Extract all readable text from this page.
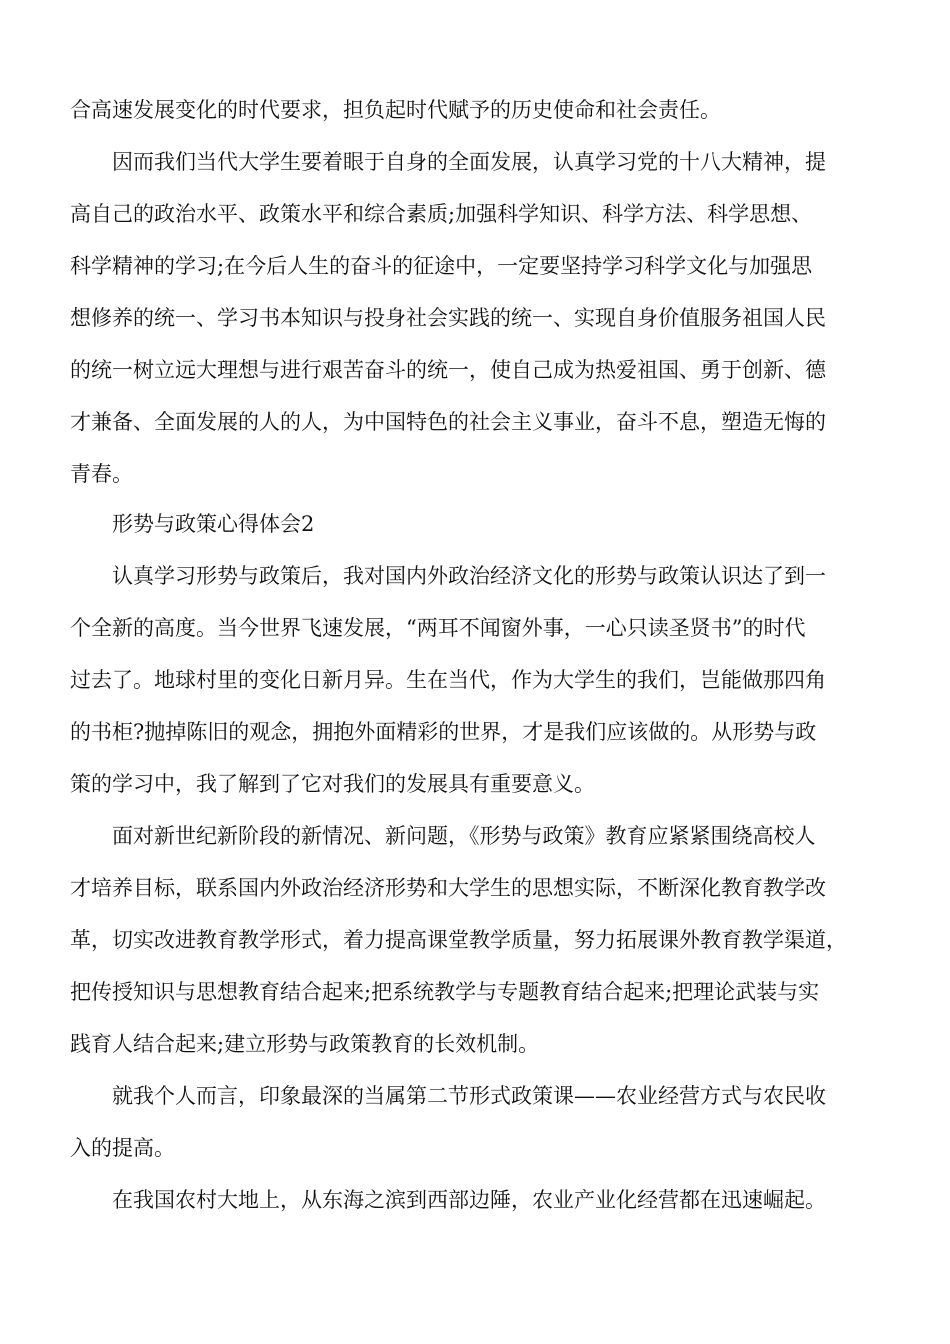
合高速发展变化的时代要求，担负起时代赋予的历史使命和社会责任。
因而我们当代大学生要着眼于自身的全面发展，认真学习党的十八大精神，提
高自己的政治水平、政策水平和综合素质;加强科学知识、科学方法、科学思想、
科学精神的学习;在今后人生的奋斗的征途中，一定要坚持学习科学文化与加强思
想修养的统一、学习书本知识与投身社会实践的统一、实现自身价值服务祖国人民
的统一树立远大理想与进行艰苦奋斗的统一，使自己成为热爱祖国、勇于创新、德
才兼备、全面发展的人的人，为中国特色的社会主义事业，奋斗不息，塑造无悔的
青春。
形势与政策心得体会2
认真学习形势与政策后，我对国内外政治经济文化的形势与政策认识达了到一
个全新的高度。当今世界飞速发展，“两耳不闻窗外事，一心只读圣贤书”的时代
过去了。地球村里的变化日新月异。生在当代，作为大学生的我们，岂能做那四角
的书柜?抛掉陈旧的观念，拥抱外面精彩的世界，才是我们应该做的。从形势与政
策的学习中，我了解到了它对我们的发展具有重要意义。
面对新世纪新阶段的新情况、新问题，《形势与政策》教育应紧紧围绕高校人
才培养目标，联系国内外政治经济形势和大学生的思想实际，不断深化教育教学改
革，切实改进教育教学形式，着力提高课堂教学质量，努力拓展课外教育教学渠道，
把传授知识与思想教育结合起来;把系统教学与专题教育结合起来;把理论武装与实
践育人结合起来;建立形势与政策教育的长效机制。
就我个人而言，印象最深的当属第二节形式政策课——农业经营方式与农民收
入的提高。
在我国农村大地上，从东海之滨到西部边陲，农业产业化经营都在迅速崛起。
